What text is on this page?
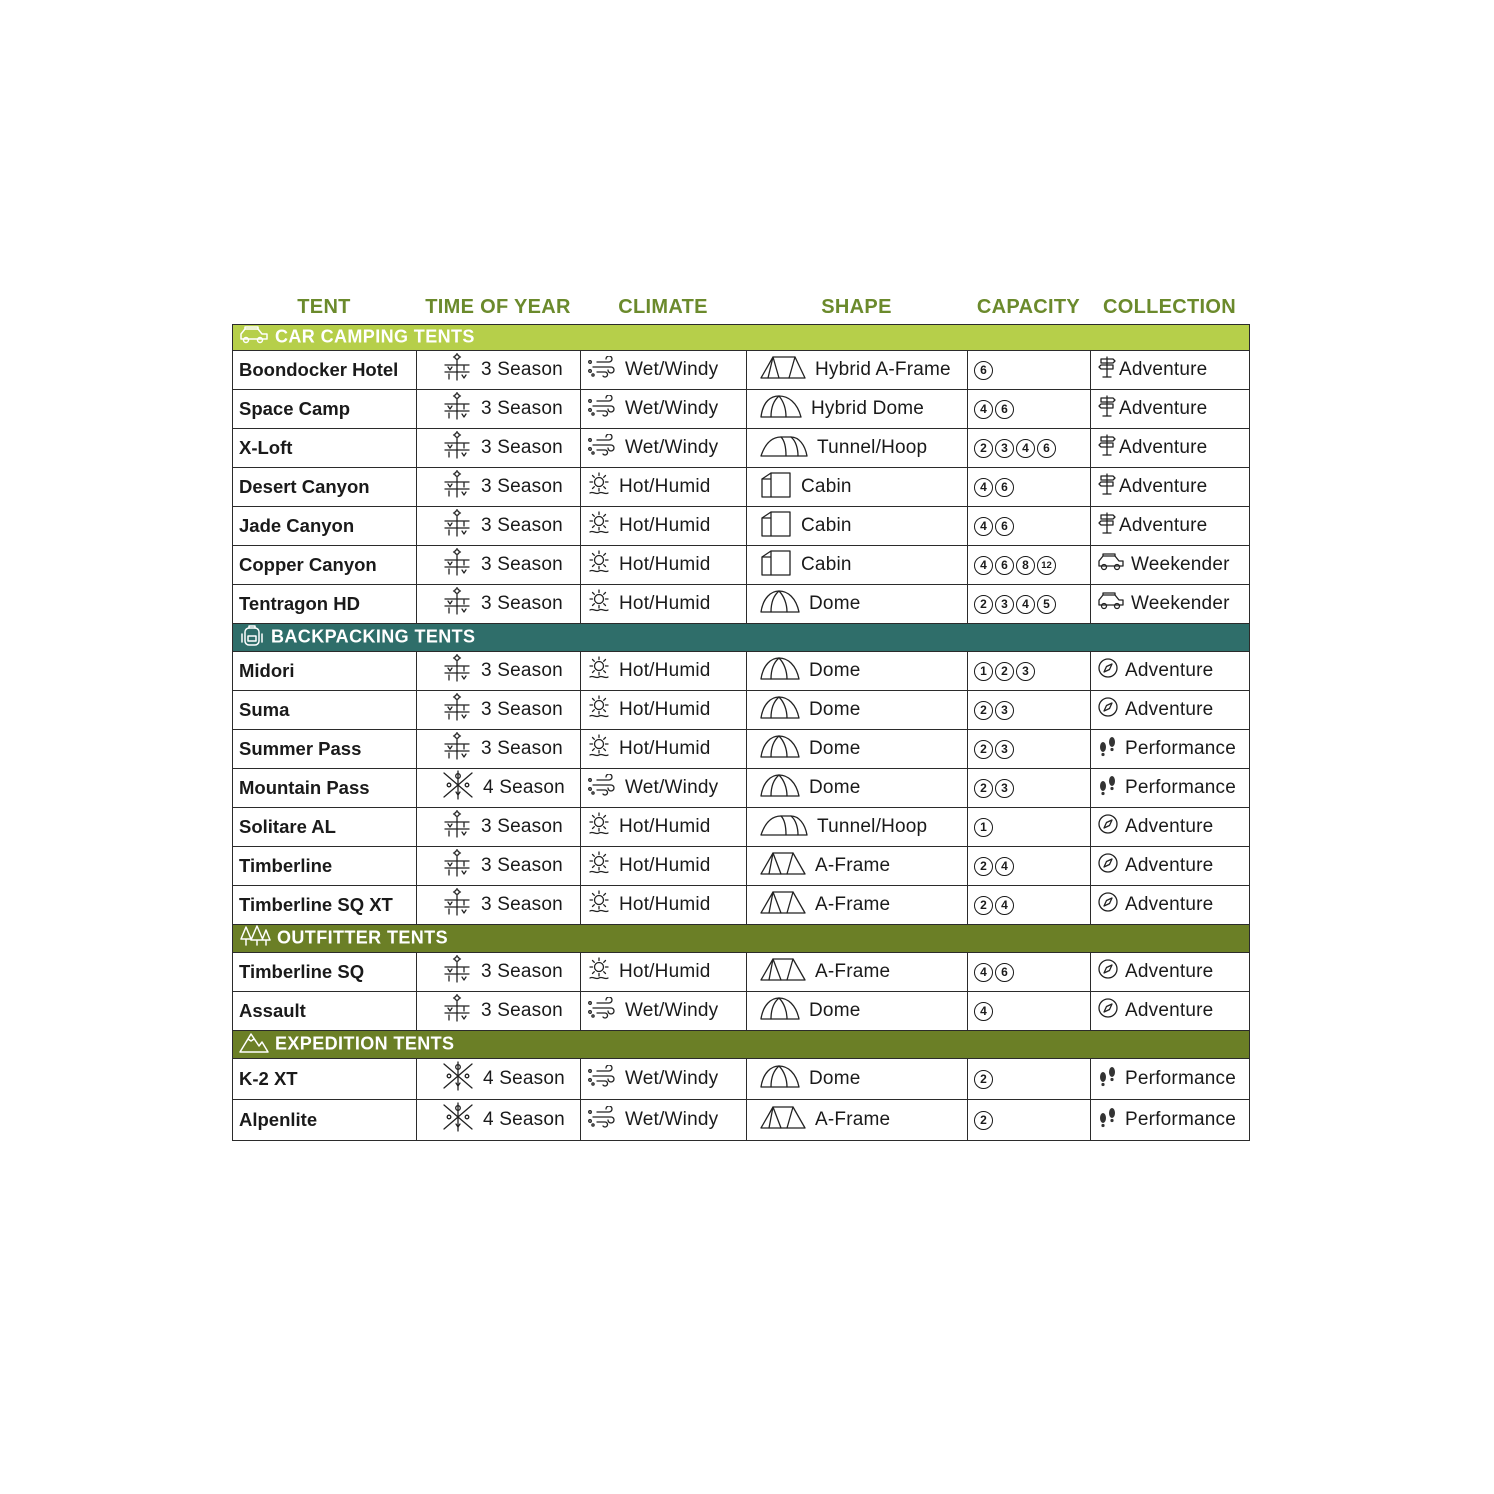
TENT	TIME OF YEAR	CLIMATE	SHAPE	CAPACITY	COLLECTION
CAR CAMPING TENTS					
Boondocker Hotel	3 Season	Wet/Windy	Hybrid A-Frame	6	Adventure

Space Camp	3 Season	Wet/Windy	Hybrid Dome	4 6	Adventure

X-Loft	3 Season	Wet/Windy	Tunnel/Hoop	2 3 4 6	Adventure

Desert Canyon	3 Season	Hot/Humid	Cabin	4 6	Adventure

Jade Canyon	3 Season	Hot/Humid	Cabin	4 6	Adventure

Copper Canyon	3 Season	Hot/Humid	Cabin	4 6 8 12	Weekender

Tentragon HD	3 Season	Hot/Humid	Dome	2 3 4 5	Weekender

BACKPACKING TENTS					
Midori	3 Season	Hot/Humid	Dome	1 2 3	Adventure

Suma	3 Season	Hot/Humid	Dome	2 3	Adventure

Summer Pass	3 Season	Hot/Humid	Dome	2 3	Performance

Mountain Pass	4 Season	Wet/Windy	Dome	2 3	Performance

Solitare AL	3 Season	Hot/Humid	Tunnel/Hoop	1	Adventure

Timberline	3 Season	Hot/Humid	A-Frame	2 4	Adventure

Timberline SQ XT	3 Season	Hot/Humid	A-Frame	2 4	Adventure

OUTFITTER TENTS					
Timberline SQ	3 Season	Hot/Humid	A-Frame	4 6	Adventure

Assault	3 Season	Wet/Windy	Dome	4	Adventure

EXPEDITION TENTS					
K-2 XT	4 Season	Wet/Windy	Dome	2	Performance

Alpenlite	4 Season	Wet/Windy	A-Frame	2	Performance
